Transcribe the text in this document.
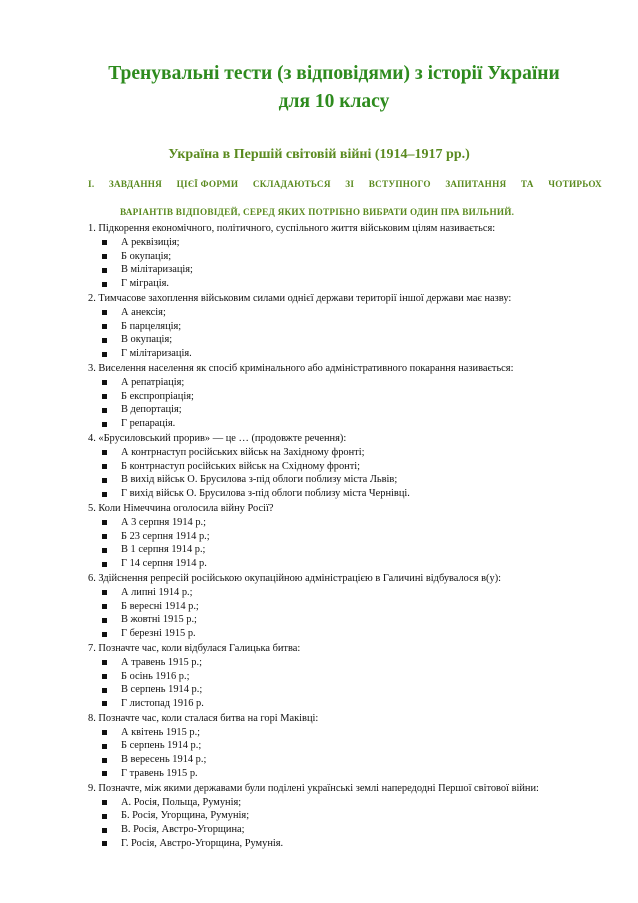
Тренувальні тести (з відповідями) з історії України
для 10 класу
Україна в Першій світовій війні (1914–1917 рр.)
І. ЗАВДАННЯ ЦІЄЇ ФОРМИ СКЛАДАЮТЬСЯ ЗІ ВСТУПНОГО ЗАПИТАННЯ ТА ЧОТИРЬОХ
ВАРІАНТІВ ВІДПОВІДЕЙ, СЕРЕД ЯКИХ ПОТРІБНО ВИБРАТИ ОДИН ПРА ВИЛЬНИЙ.
1. Підкорення економічного, політичного, суспільного життя військовим цілям називається:
А реквізиція;
Б окупація;
В мілітаризація;
Г міграція.
2. Тимчасове захоплення військовим силами однієї держави території іншої держави має назву:
А анексія;
Б парцеляція;
В окупація;
Г мілітаризація.
3. Виселення населення як спосіб кримінального або адміністративного покарання називається:
А репатріація;
Б експропріація;
В депортація;
Г репарація.
4. «Брусиловський прорив» — це … (продовжте речення):
А контрнаступ російських військ на Західному фронті;
Б контрнаступ російських військ на Східному фронті;
В вихід військ О. Брусилова з-під облоги поблизу міста Львів;
Г вихід військ О. Брусилова з-під облоги поблизу міста Чернівці.
5. Коли Німеччина оголосила війну Росії?
А 3 серпня 1914 р.;
Б 23 серпня 1914 р.;
В 1 серпня 1914 р.;
Г 14 серпня 1914 р.
6. Здійснення репресій російською окупаційною адміністрацією в Галичині відбувалося в(у):
А липні 1914 р.;
Б вересні 1914 р.;
В жовтні 1915 р.;
Г березні 1915 р.
7. Позначте час, коли відбулася Галицька битва:
А травень 1915 р.;
Б осінь 1916 р.;
В серпень 1914 р.;
Г листопад 1916 р.
8. Позначте час, коли сталася битва на горі Маківці:
А квітень 1915 р.;
Б серпень 1914 р.;
В вересень 1914 р.;
Г травень 1915 р.
9. Позначте, між якими державами були поділені українські землі напередодні Першої світової війни:
А. Росія, Польща, Румунія;
Б. Росія, Угорщина, Румунія;
В. Росія, Австро-Угорщина;
Г. Росія, Австро-Угорщина, Румунія.
